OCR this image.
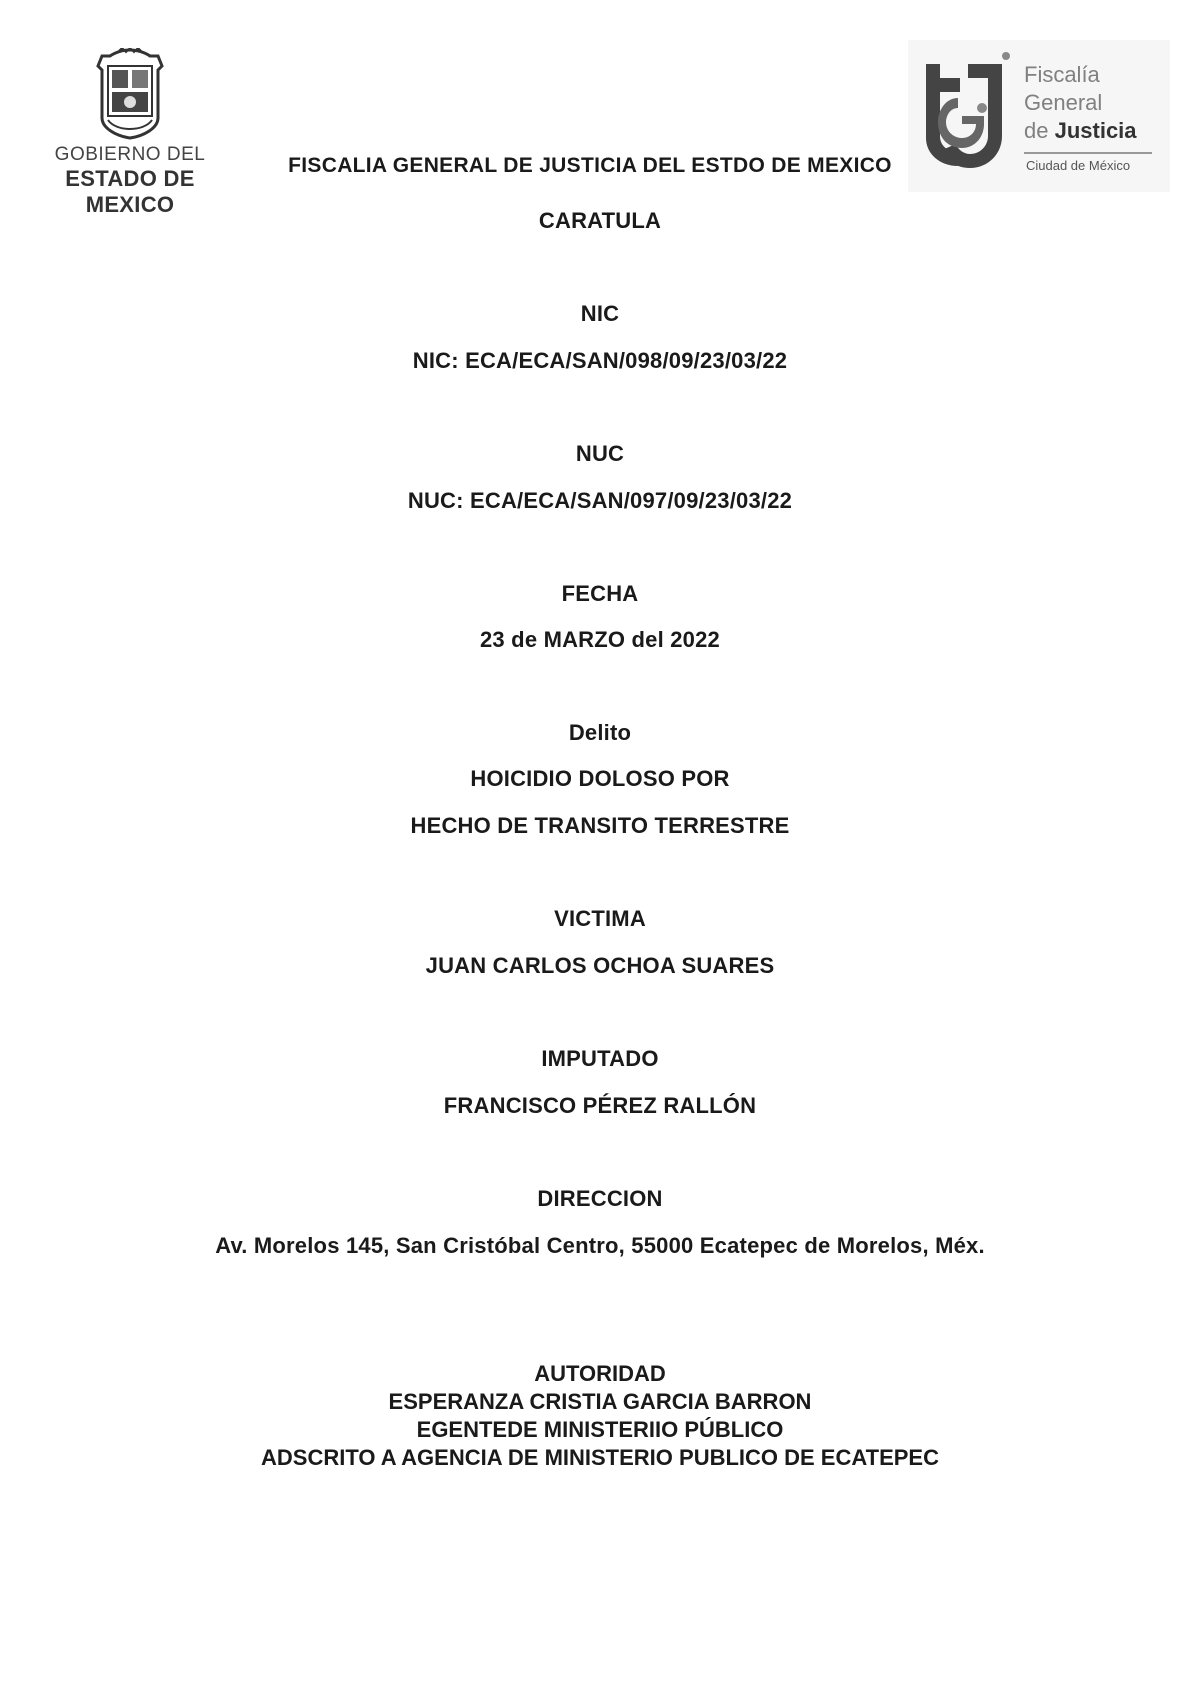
GOBIERNO DEL
ESTADO DE MEXICO
Fiscalía
General
de Justicia
Ciudad de México
FISCALIA GENERAL DE JUSTICIA DEL ESTDO DE MEXICO
CARATULA
NIC
NIC: ECA/ECA/SAN/098/09/23/03/22
NUC
NUC: ECA/ECA/SAN/097/09/23/03/22
FECHA
23 de MARZO del 2022
Delito
HOICIDIO DOLOSO POR
HECHO DE TRANSITO TERRESTRE
VICTIMA
JUAN CARLOS OCHOA SUARES
IMPUTADO
FRANCISCO PÉREZ RALLÓN
DIRECCION
Av. Morelos 145, San Cristóbal Centro, 55000 Ecatepec de Morelos, Méx.
AUTORIDAD
ESPERANZA CRISTIA GARCIA BARRON
EGENTEDE MINISTERIIO PÚBLICO
ADSCRITO A AGENCIA DE MINISTERIO PUBLICO DE ECATEPEC
